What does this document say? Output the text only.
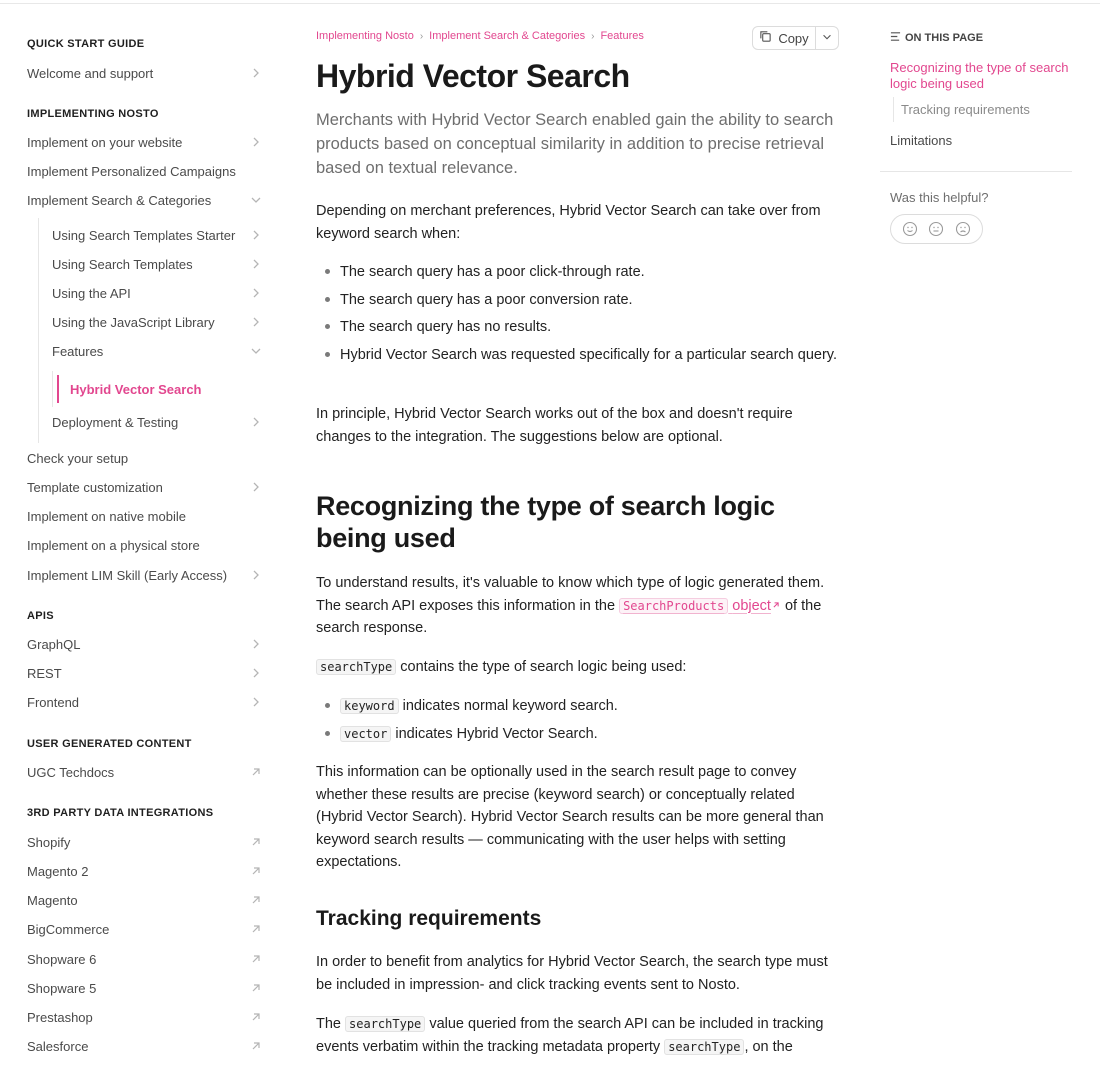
QUICK START GUIDE
Welcome and support
IMPLEMENTING NOSTO
Implement on your website
Implement Personalized Campaigns
Implement Search & Categories
Using Search Templates Starter
Using Search Templates
Using the API
Using the JavaScript Library
Features
Hybrid Vector Search
Deployment & Testing
Check your setup
Template customization
Implement on native mobile
Implement on a physical store
Implement LIM Skill (Early Access)
APIS
GraphQL
REST
Frontend
USER GENERATED CONTENT
UGC Techdocs
3RD PARTY DATA INTEGRATIONS
Shopify
Magento 2
Magento
BigCommerce
Shopware 6
Shopware 5
Prestashop
Salesforce
Implementing Nosto › Implement Search & Categories › Features	Copy
Hybrid Vector Search

Merchants with Hybrid Vector Search enabled gain the ability to search products based on conceptual similarity in addition to precise retrieval based on textual relevance.

Depending on merchant preferences, Hybrid Vector Search can take over from keyword search when:

The search query has a poor click-through rate.
The search query has a poor conversion rate.
The search query has no results.
Hybrid Vector Search was requested specifically for a particular search query.

In principle, Hybrid Vector Search works out of the box and doesn't require changes to the integration. The suggestions below are optional.

Recognizing the type of search logic being used

To understand results, it's valuable to know which type of logic generated them. The search API exposes this information in the SearchProducts object of the search response.

searchType contains the type of search logic being used:

keyword indicates normal keyword search.
vector indicates Hybrid Vector Search.

This information can be optionally used in the search result page to convey whether these results are precise (keyword search) or conceptually related (Hybrid Vector Search). Hybrid Vector Search results can be more general than keyword search results — communicating with the user helps with setting expectations.

Tracking requirements

In order to benefit from analytics for Hybrid Vector Search, the search type must be included in impression- and click tracking events sent to Nosto.

The searchType value queried from the search API can be included in tracking events verbatim within the tracking metadata property searchType , on the

ON THIS PAGE
Recognizing the type of search logic being used
Tracking requirements
Limitations
Was this helpful?
